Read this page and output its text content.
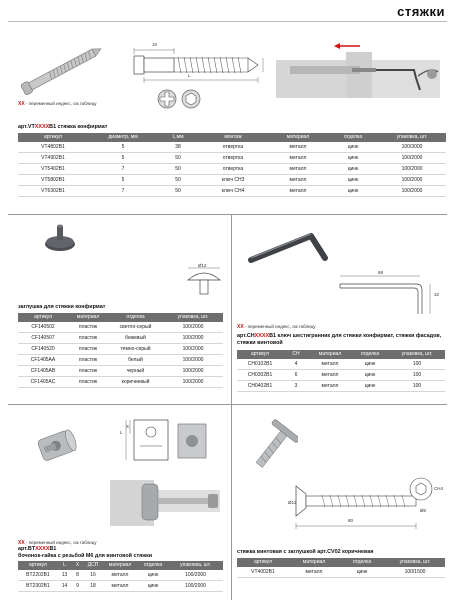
стяжки
10
L
XX - переменный индекс, см.таблицу
арт.VTXXXXB1 стяжка конфирмат
артикул	диаметр, мм	L,мм	монтаж	материал	отделка	упаковка, шт.
VT4802B1	5	38	отвертка	металл	цинк	100/3000
VT4902B1	5	50	отвертка	металл	цинк	100/2000
VT5402B1	7	50	отвертка	металл	цинк	100/2000
VT5802B1	5	50	ключ CH3	металл	цинк	100/2000
VT6302B1	7	50	ключ CH4	металл	цинк	100/2000
Ø12
заглушка для стяжки конфирмат
артикул	материал	отделка	упаковка, шт.
CF140502	пластик	светло-серый	100/2000
CF140507	пластик	бежевый	100/2000
CF140520	пластик	темно-серый	100/2000
CF1405AA	пластик	белый	100/2000
CF1405AB	пластик	черный	100/2000
CF1405AC	пластик	коричневый	100/2000
68
32
XX - переменный индекс, см.таблицу
арт.CHXXXXB1 ключ шестигранник для стяжки конфирмат, стяжки фасадов, стяжки винтовой
артикул	CH	материал	отделка	упаковка, шт.
CH0102B1	4	металл	цинк	100
CH0302B1	6	металл	цинк	100
CH0402B1	3	металл	цинк	100
L
X
XX - переменный индекс, см.таблицу
арт.BTXXXXB1
бочонок-гайка с резьбой М6 для винтовой стяжки
артикул	L	X	ДСП	материал	отделка	упаковка, шт.
BT2202B1	13	8	16	металл	цинк	100/2000
BT2302B1	14	9	18	металл	цинк	100/2000
Ø12
CH4
80
Ø6
стяжка винтовая с заглушкой арт.CV02 коричневая
артикул	материал	отделка	упаковка, шт.
VT4002B1	металл	цинк	100/1500
